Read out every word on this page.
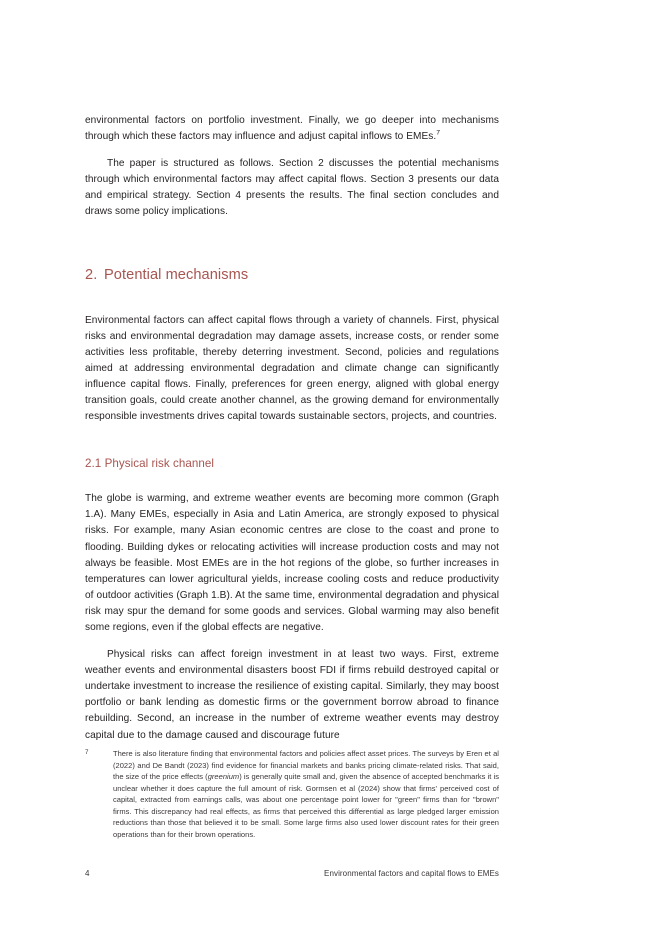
environmental factors on portfolio investment. Finally, we go deeper into mechanisms through which these factors may influence and adjust capital inflows to EMEs.$^7$

The paper is structured as follows. Section 2 discusses the potential mechanisms through which environmental factors may affect capital flows. Section 3 presents our data and empirical strategy. Section 4 presents the results. The final section concludes and draws some policy implications.

2. Potential mechanisms

Environmental factors can affect capital flows through a variety of channels. First, physical risks and environmental degradation may damage assets, increase costs, or render some activities less profitable, thereby deterring investment. Second, policies and regulations aimed at addressing environmental degradation and climate change can significantly influence capital flows. Finally, preferences for green energy, aligned with global energy transition goals, could create another channel, as the growing demand for environmentally responsible investments drives capital towards sustainable sectors, projects, and countries.

2.1 Physical risk channel

The globe is warming, and extreme weather events are becoming more common (Graph 1.A). Many EMEs, especially in Asia and Latin America, are strongly exposed to physical risks. For example, many Asian economic centres are close to the coast and prone to flooding. Building dykes or relocating activities will increase production costs and may not always be feasible. Most EMEs are in the hot regions of the globe, so further increases in temperatures can lower agricultural yields, increase cooling costs and reduce productivity of outdoor activities (Graph 1.B). At the same time, environmental degradation and physical risk may spur the demand for some goods and services. Global warming may also benefit some regions, even if the global effects are negative.

Physical risks can affect foreign investment in at least two ways. First, extreme weather events and environmental disasters boost FDI if firms rebuild destroyed capital or undertake investment to increase the resilience of existing capital. Similarly, they may boost portfolio or bank lending as domestic firms or the government borrow abroad to finance rebuilding. Second, an increase in the number of extreme weather events may destroy capital due to the damage caused and discourage future

7	There is also literature finding that environmental factors and policies affect asset prices. The surveys by Eren et al (2022) and De Bandt (2023) find evidence for financial markets and banks pricing climate-related risks. That said, the size of the price effects (greenium) is generally quite small and, given the absence of accepted benchmarks it is unclear whether it does capture the full amount of risk. Gormsen et al (2024) show that firms' perceived cost of capital, extracted from earnings calls, was about one percentage point lower for "green" firms than for "brown" firms. This discrepancy had real effects, as firms that perceived this differential as large pledged larger emission reductions than those that believed it to be small. Some large firms also used lower discount rates for their green operations than for their brown operations.
4	Environmental factors and capital flows to EMEs
